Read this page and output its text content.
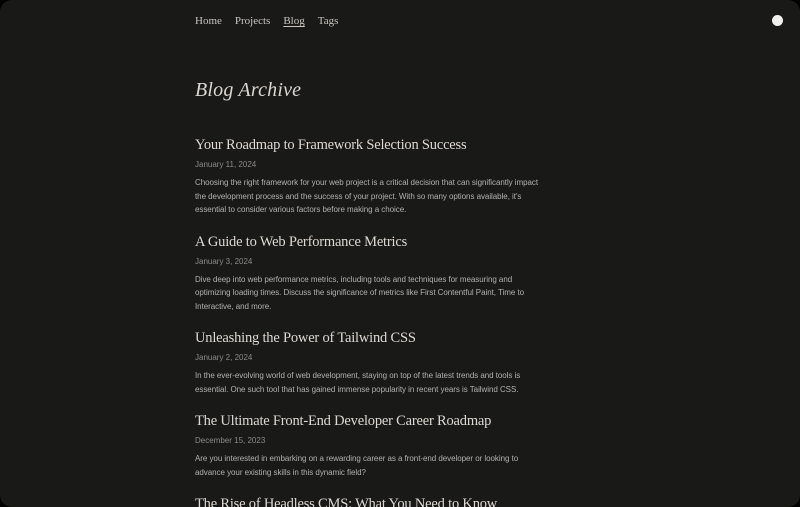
Home Projects Blog Tags
Blog Archive
Your Roadmap to Framework Selection Success

January 11, 2024

Choosing the right framework for your web project is a critical decision that can significantly impact the development process and the success of your project. With so many options available, it's essential to consider various factors before making a choice.

A Guide to Web Performance Metrics

January 3, 2024

Dive deep into web performance metrics, including tools and techniques for measuring and optimizing loading times. Discuss the significance of metrics like First Contentful Paint, Time to Interactive, and more.

Unleashing the Power of Tailwind CSS

January 2, 2024

In the ever-evolving world of web development, staying on top of the latest trends and tools is essential. One such tool that has gained immense popularity in recent years is Tailwind CSS.

The Ultimate Front-End Developer Career Roadmap

December 15, 2023

Are you interested in embarking on a rewarding career as a front-end developer or looking to advance your existing skills in this dynamic field?

The Rise of Headless CMS: What You Need to Know
